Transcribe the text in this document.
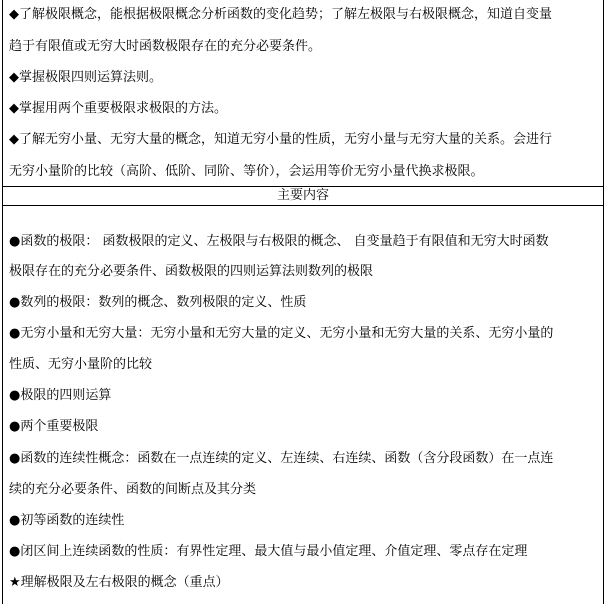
◆了解极限概念，能根据极限概念分析函数的变化趋势；了解左极限与右极限概念，知道自变量
趋于有限值或无穷大时函数极限存在的充分必要条件。
◆掌握极限四则运算法则。
◆掌握用两个重要极限求极限的方法。
◆了解无穷小量、无穷大量的概念，知道无穷小量的性质，无穷小量与无穷大量的关系。会进行
无穷小量阶的比较（高阶、低阶、同阶、等价），会运用等价无穷小量代换求极限。
主要内容
●函数的极限： 函数极限的定义、左极限与右极限的概念、 自变量趋于有限值和无穷大时函数
极限存在的充分必要条件、函数极限的四则运算法则数列的极限
●数列的极限：数列的概念、数列极限的定义、性质
●无穷小量和无穷大量：无穷小量和无穷大量的定义、无穷小量和无穷大量的关系、无穷小量的
性质、无穷小量阶的比较
●极限的四则运算
●两个重要极限
●函数的连续性概念：函数在一点连续的定义、左连续、右连续、函数（含分段函数）在一点连
续的充分必要条件、函数的间断点及其分类
●初等函数的连续性
●闭区间上连续函数的性质：有界性定理、最大值与最小值定理、介值定理、零点存在定理
★理解极限及左右极限的概念（重点）
